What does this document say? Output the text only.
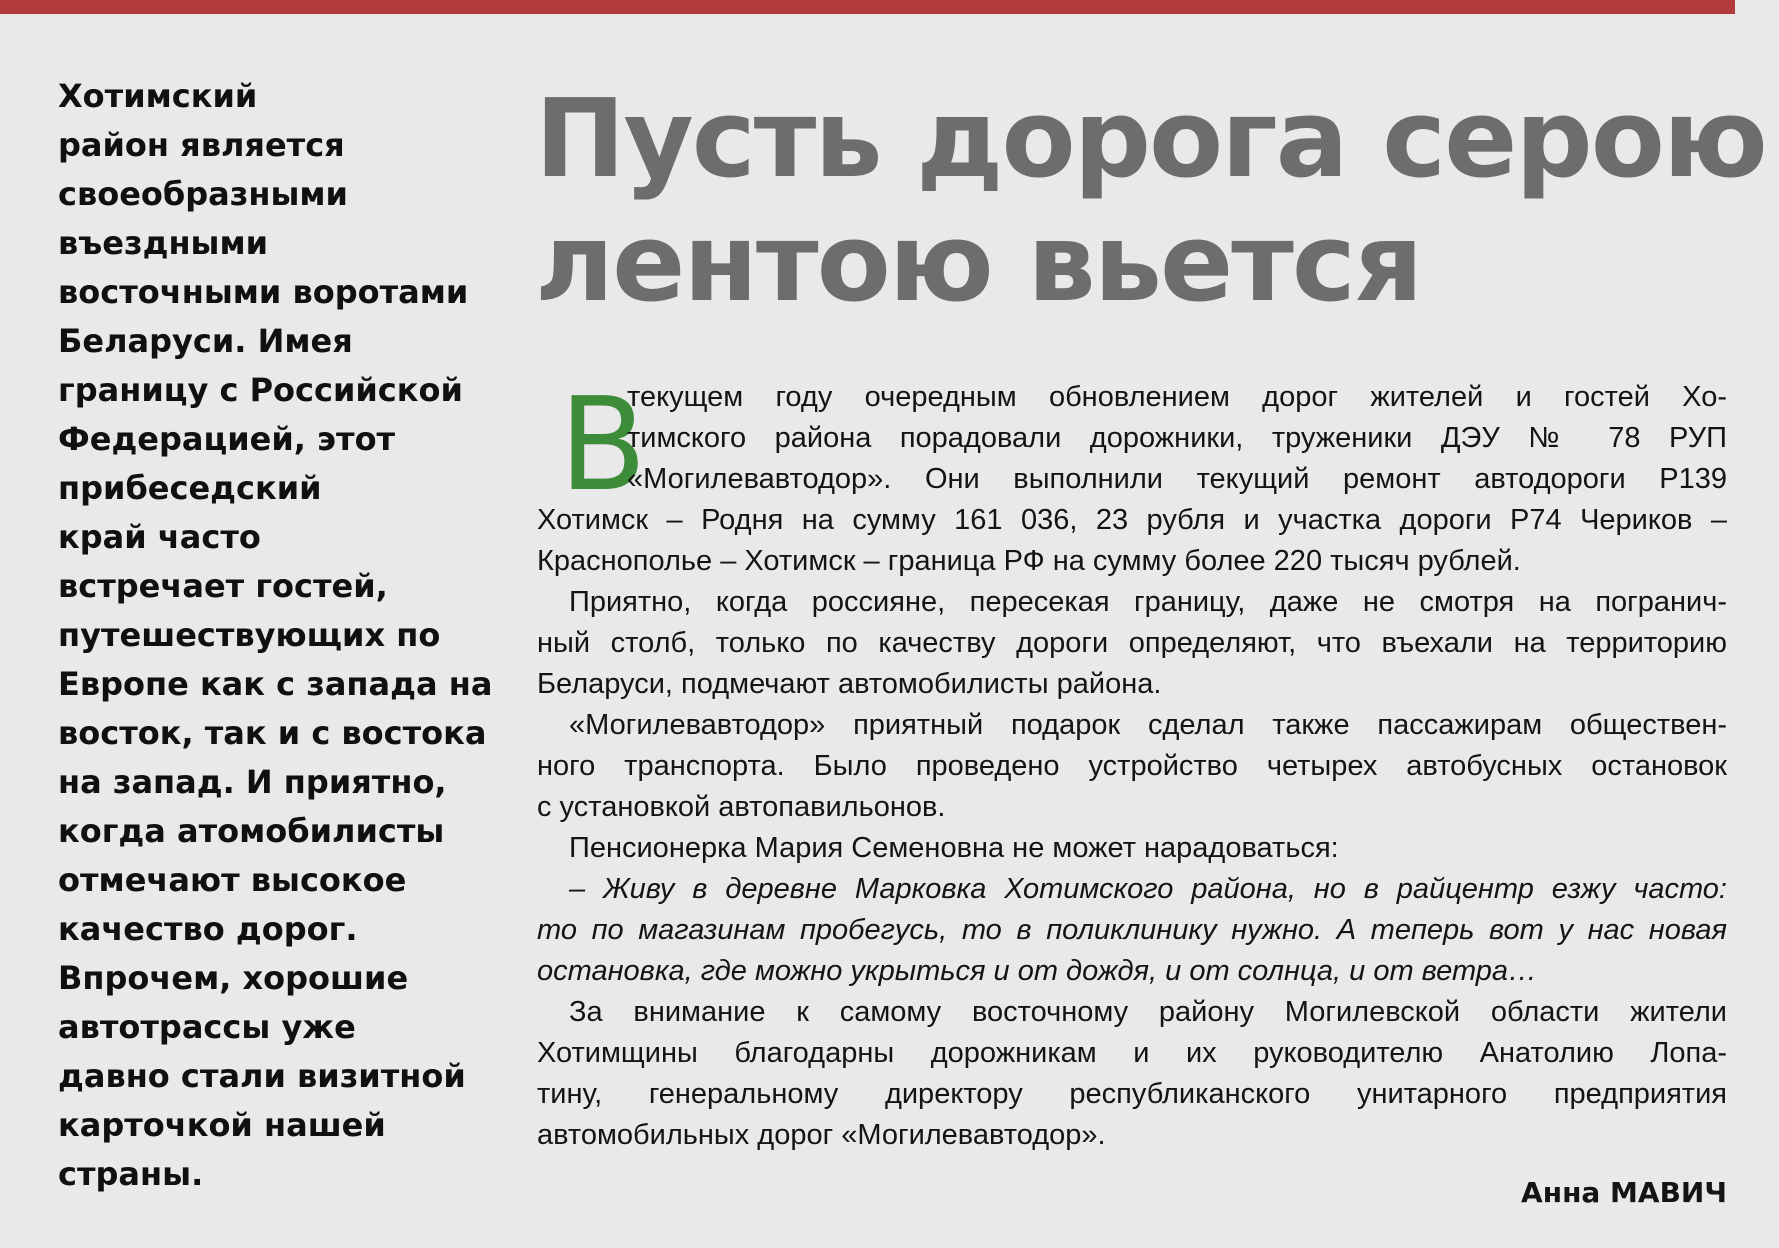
Хотимский
район является
своеобразными
въездными
восточными воротами
Беларуси. Имея
границу с Российской
Федерацией, этот
прибеседский
край часто
встречает гостей,
путешествующих по
Европе как с запада на
восток, так и с востока
на запад. И приятно,
когда атомобилисты
отмечают высокое
качество дорог.
Впрочем, хорошие
автотрассы уже
давно стали визитной
карточкой нашей
страны.
Пусть дорога серою
лентою вьется
В
текущем году очередным обновлением дорог жителей и гостей Хо-
тимского района порадовали дорожники, труженики ДЭУ № 78 РУП
«Могилевавтодор». Они выполнили текущий ремонт автодороги Р139
Хотимск – Родня на сумму 161 036, 23 рубля и участка дороги Р74 Чериков –
Краснополье – Хотимск – граница РФ на сумму более 220 тысяч рублей.
Приятно, когда россияне, пересекая границу, даже не смотря на погранич-
ный столб, только по качеству дороги определяют, что въехали на территорию
Беларуси, подмечают автомобилисты района.
«Могилевавтодор» приятный подарок сделал также пассажирам обществен-
ного транспорта. Было проведено устройство четырех автобусных остановок
с установкой автопавильонов.
Пенсионерка Мария Семеновна не может нарадоваться:
– Живу в деревне Марковка Хотимского района, но в райцентр езжу часто:
то по магазинам пробегусь, то в поликлинику нужно. А теперь вот у нас новая
остановка, где можно укрыться и от дождя, и от солнца, и от ветра…
За внимание к самому восточному району Могилевской области жители
Хотимщины благодарны дорожникам и их руководителю Анатолию Лопа-
тину, генеральному директору республиканского унитарного предприятия
автомобильных дорог «Могилевавтодор».
Анна МАВИЧ
